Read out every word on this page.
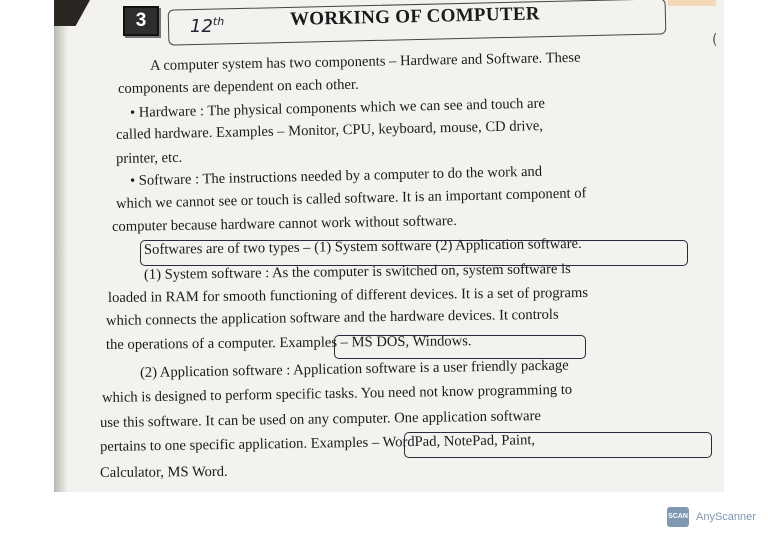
3	WORKING OF COMPUTER
12th
(
A computer system has two components – Hardware and Software. These
components are dependent on each other.
• Hardware : The physical components which we can see and touch are
called hardware. Examples – Monitor, CPU, keyboard, mouse, CD drive,
printer, etc.
• Software : The instructions needed by a computer to do the work and
which we cannot see or touch is called software. It is an important component of
computer because hardware cannot work without software.
Softwares are of two types – (1) System software (2) Application software.
(1) System software : As the computer is switched on, system software is
loaded in RAM for smooth functioning of different devices. It is a set of programs
which connects the application software and the hardware devices. It controls
the operations of a computer. Examples – MS DOS, Windows.
(2) Application software : Application software is a user friendly package
which is designed to perform specific tasks. You need not know programming to
use this software. It can be used on any computer. One application software
pertains to one specific application. Examples – WordPad, NotePad, Paint,
Calculator, MS Word.
SCAN AnyScanner
